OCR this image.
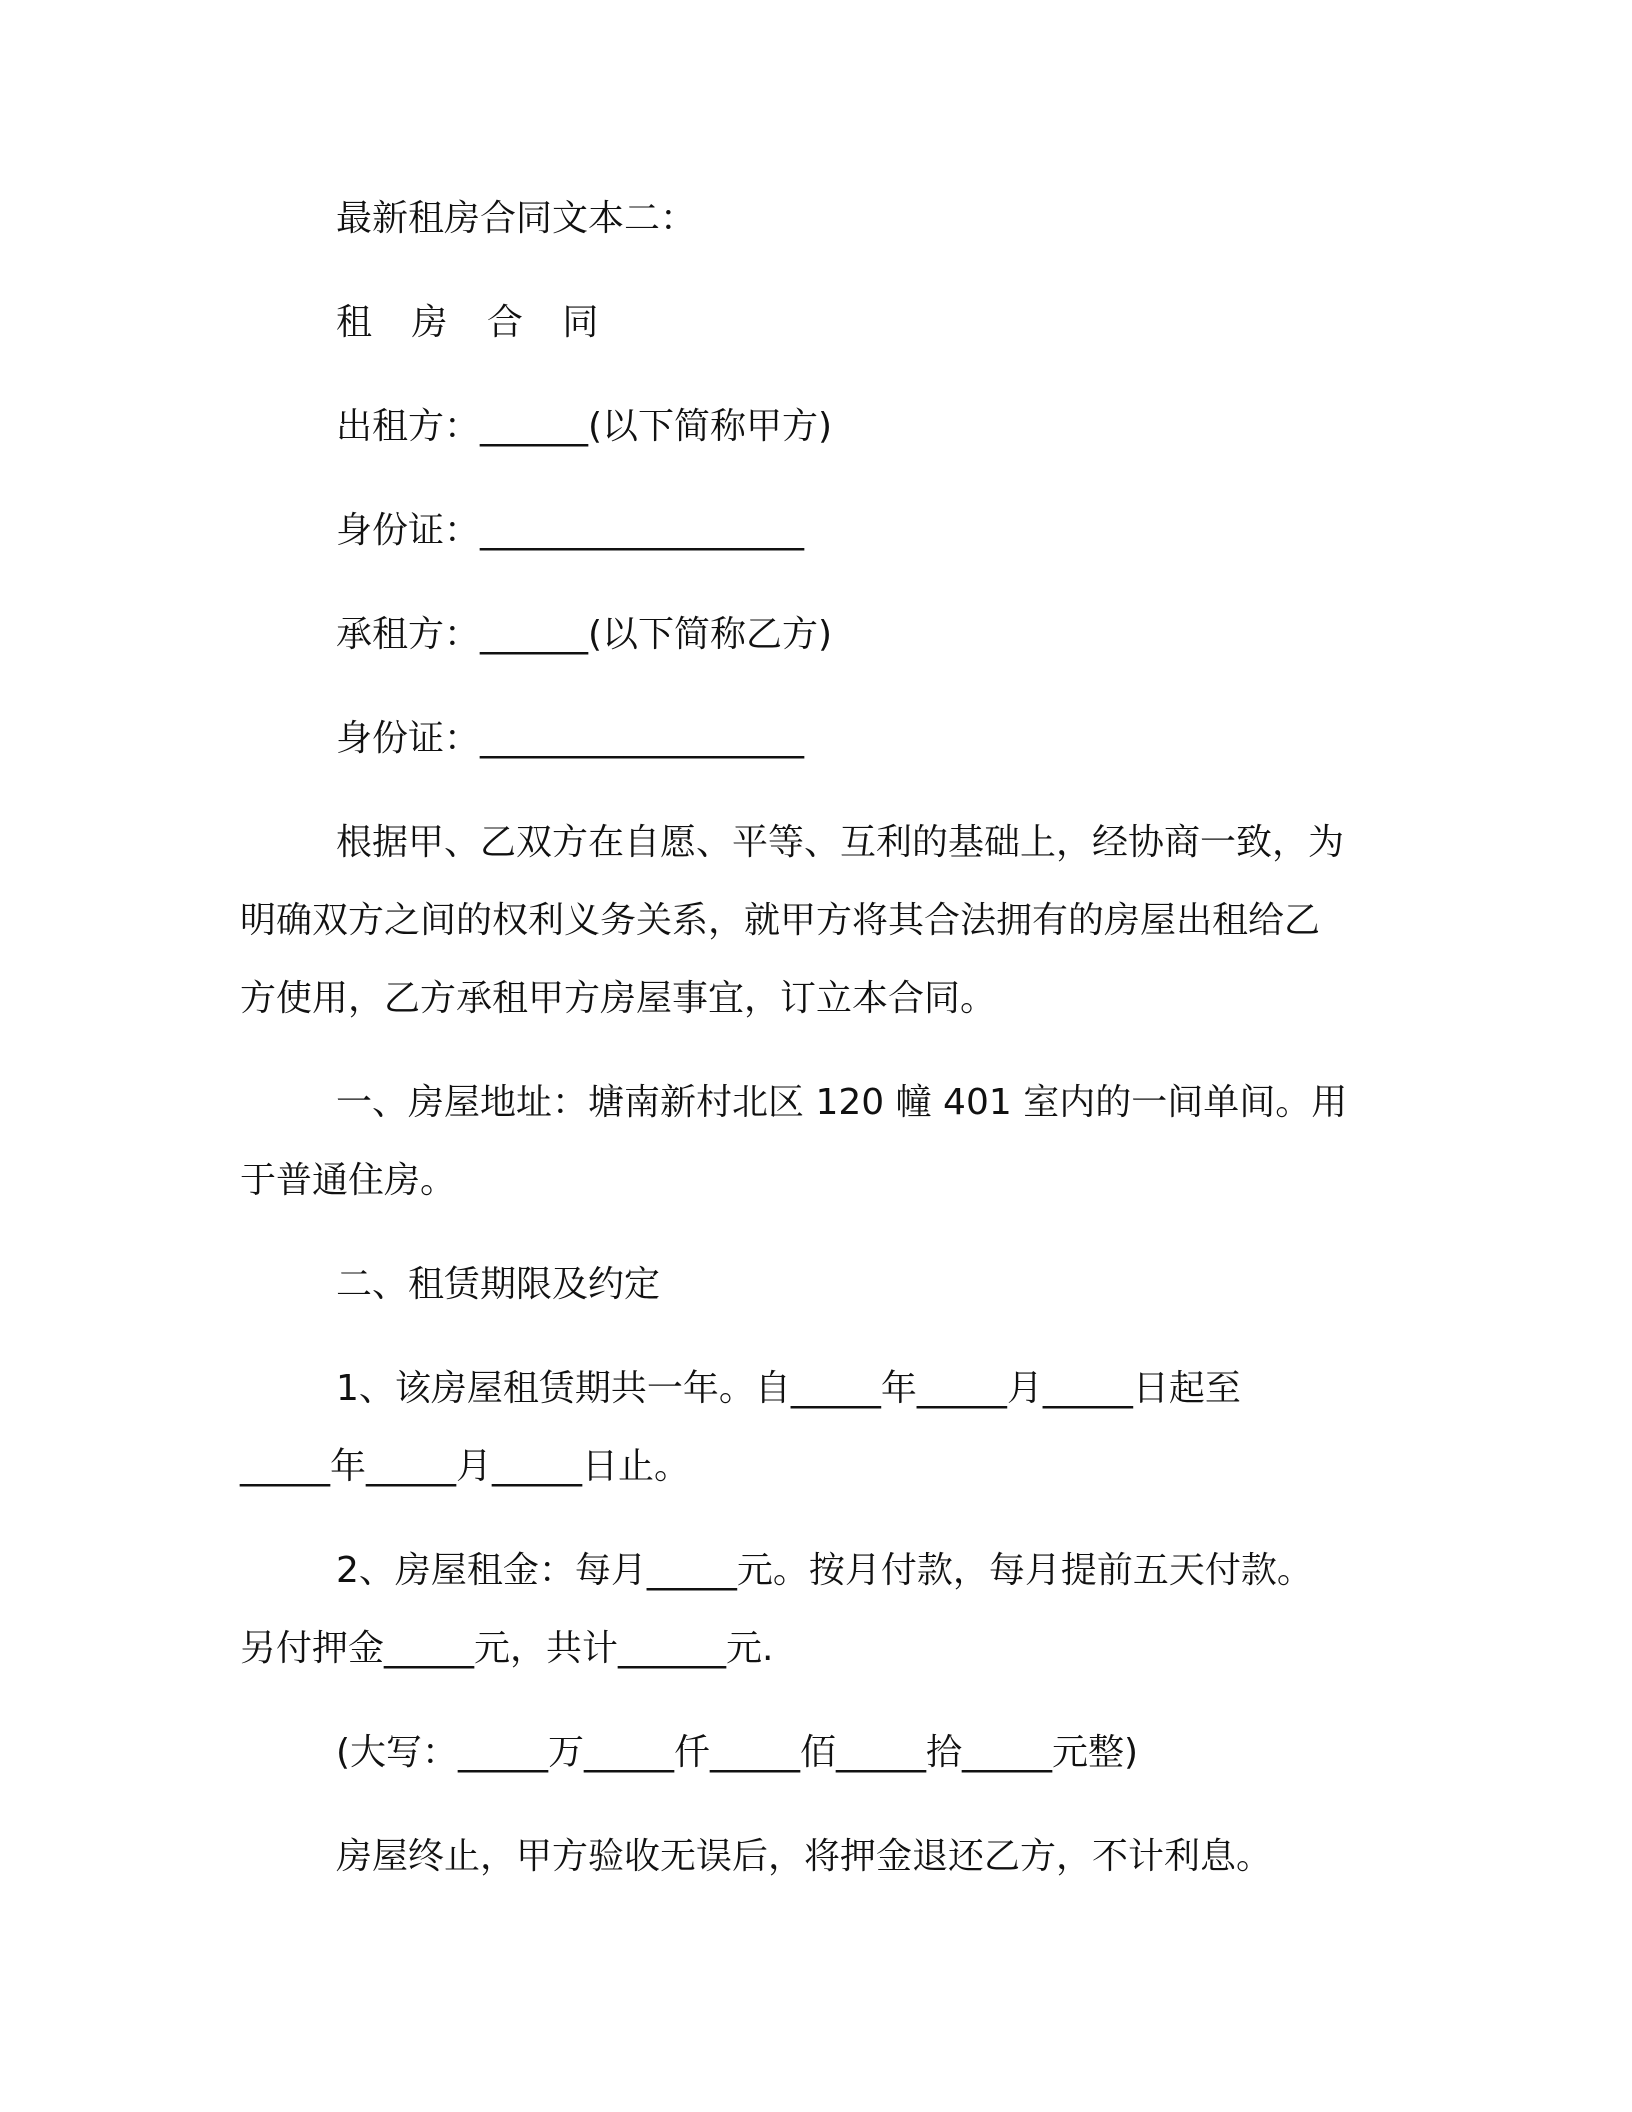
最新租房合同文本二：
租 房 合 同
出租方：______(以下简称甲方)
身份证：__________________
承租方：______(以下简称乙方)
身份证：__________________
根据甲、乙双方在自愿、平等、互利的基础上，经协商一致，为
明确双方之间的权利义务关系，就甲方将其合法拥有的房屋出租给乙
方使用，乙方承租甲方房屋事宜，订立本合同。
一、房屋地址：塘南新村北区 120 幢 401 室内的一间单间。用
于普通住房。
二、租赁期限及约定
1、该房屋租赁期共一年。自_____年_____月_____日起至
_____年_____月_____日止。
2、房屋租金：每月_____元。按月付款，每月提前五天付款。
另付押金_____元，共计______元.
(大写：_____万_____仟_____佰_____拾_____元整)
房屋终止，甲方验收无误后，将押金退还乙方，不计利息。
